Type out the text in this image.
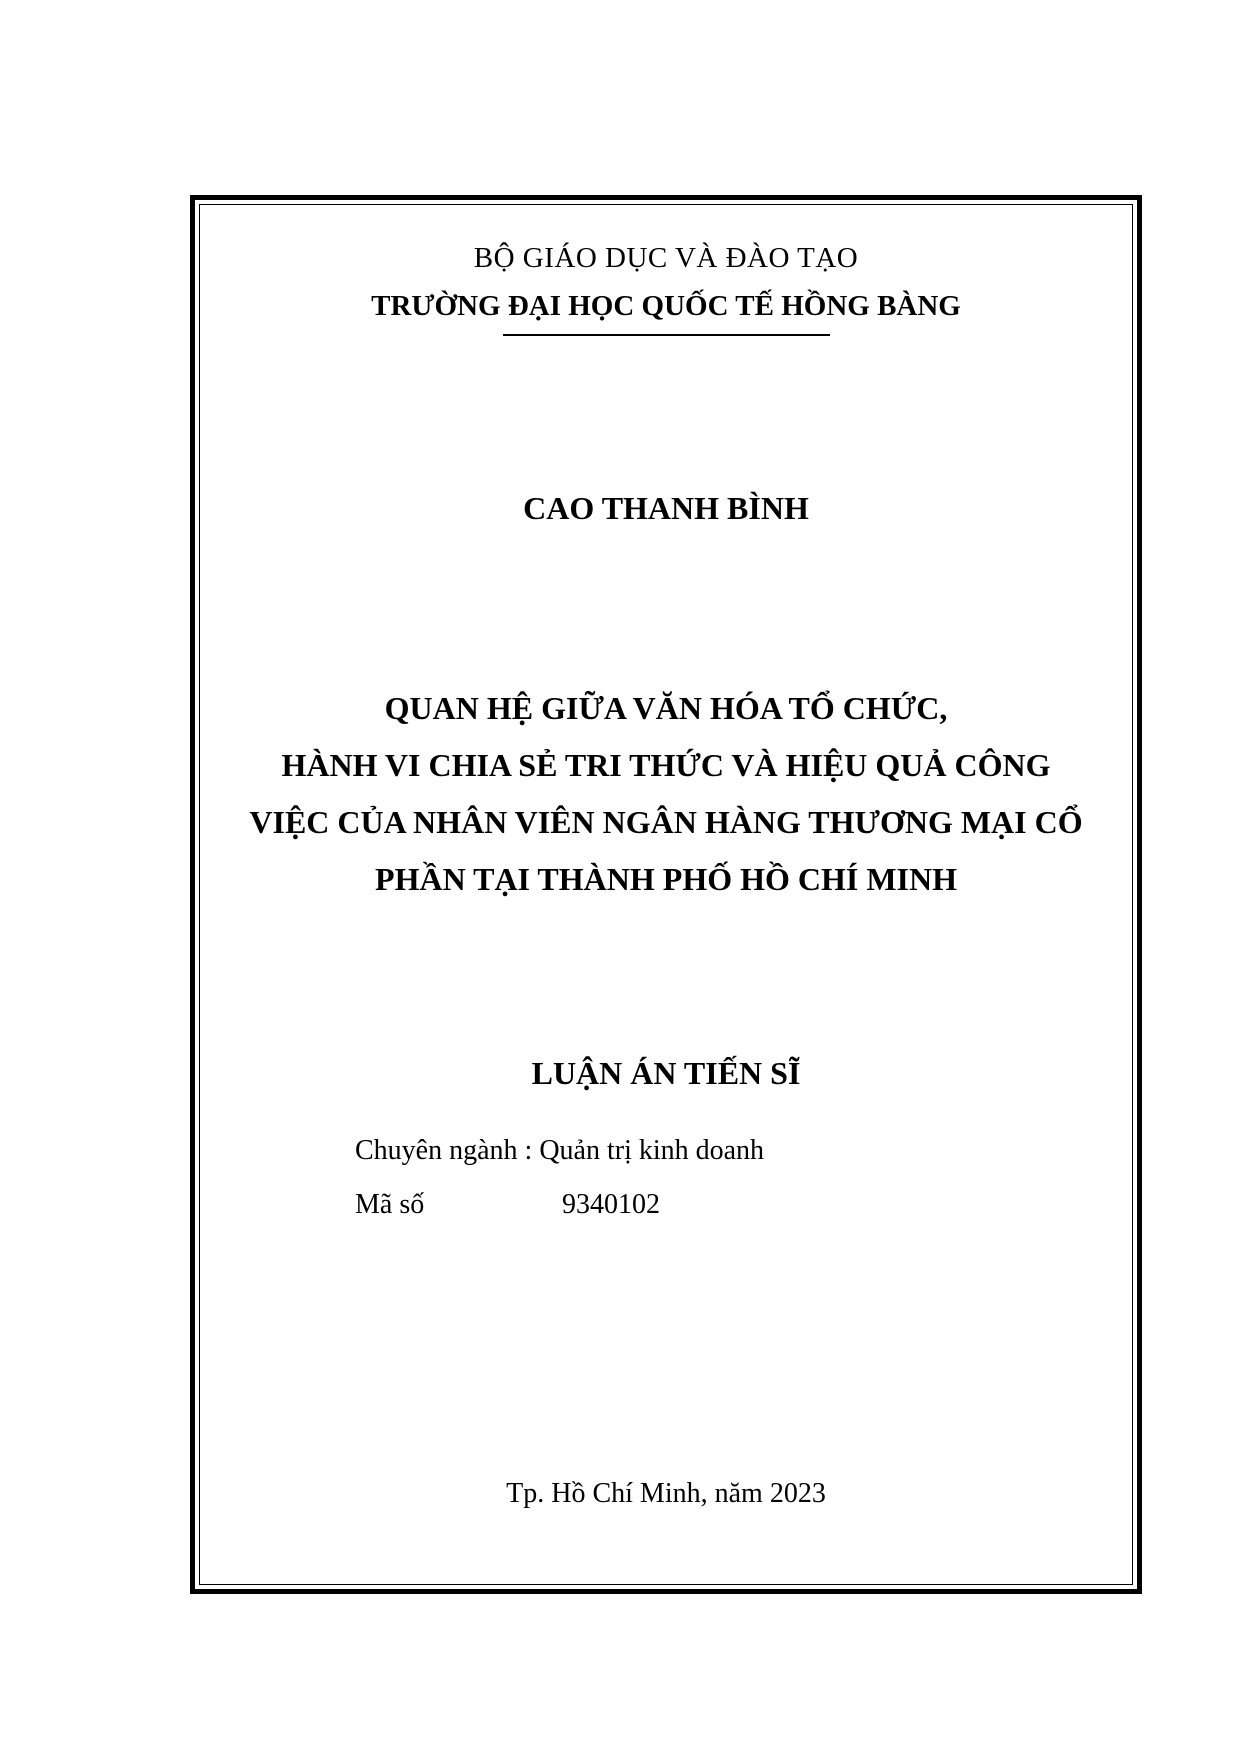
BỘ GIÁO DỤC VÀ ĐÀO TẠO
TRƯỜNG ĐẠI HỌC QUỐC TẾ HỒNG BÀNG
CAO THANH BÌNH
QUAN HỆ GIỮA VĂN HÓA TỔ CHỨC,
HÀNH VI CHIA SẺ TRI THỨC VÀ HIỆU QUẢ CÔNG
VIỆC CỦA NHÂN VIÊN NGÂN HÀNG THƯƠNG MẠI CỔ
PHẦN TẠI THÀNH PHỐ HỒ CHÍ MINH
LUẬN ÁN TIẾN SĨ
Chuyên ngành : Quản trị kinh doanh
Mã số	9340102
Tp. Hồ Chí Minh, năm 2023
